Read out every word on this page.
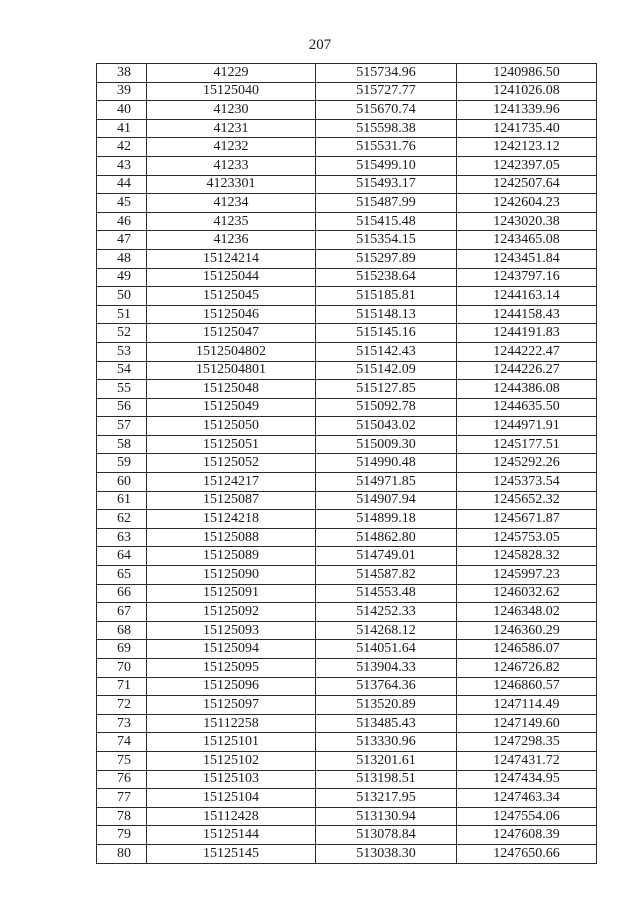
207
38	41229	515734.96	1240986.50
39	15125040	515727.77	1241026.08
40	41230	515670.74	1241339.96
41	41231	515598.38	1241735.40
42	41232	515531.76	1242123.12
43	41233	515499.10	1242397.05
44	4123301	515493.17	1242507.64
45	41234	515487.99	1242604.23
46	41235	515415.48	1243020.38
47	41236	515354.15	1243465.08
48	15124214	515297.89	1243451.84
49	15125044	515238.64	1243797.16
50	15125045	515185.81	1244163.14
51	15125046	515148.13	1244158.43
52	15125047	515145.16	1244191.83
53	1512504802	515142.43	1244222.47
54	1512504801	515142.09	1244226.27
55	15125048	515127.85	1244386.08
56	15125049	515092.78	1244635.50
57	15125050	515043.02	1244971.91
58	15125051	515009.30	1245177.51
59	15125052	514990.48	1245292.26
60	15124217	514971.85	1245373.54
61	15125087	514907.94	1245652.32
62	15124218	514899.18	1245671.87
63	15125088	514862.80	1245753.05
64	15125089	514749.01	1245828.32
65	15125090	514587.82	1245997.23
66	15125091	514553.48	1246032.62
67	15125092	514252.33	1246348.02
68	15125093	514268.12	1246360.29
69	15125094	514051.64	1246586.07
70	15125095	513904.33	1246726.82
71	15125096	513764.36	1246860.57
72	15125097	513520.89	1247114.49
73	15112258	513485.43	1247149.60
74	15125101	513330.96	1247298.35
75	15125102	513201.61	1247431.72
76	15125103	513198.51	1247434.95
77	15125104	513217.95	1247463.34
78	15112428	513130.94	1247554.06
79	15125144	513078.84	1247608.39
80	15125145	513038.30	1247650.66
